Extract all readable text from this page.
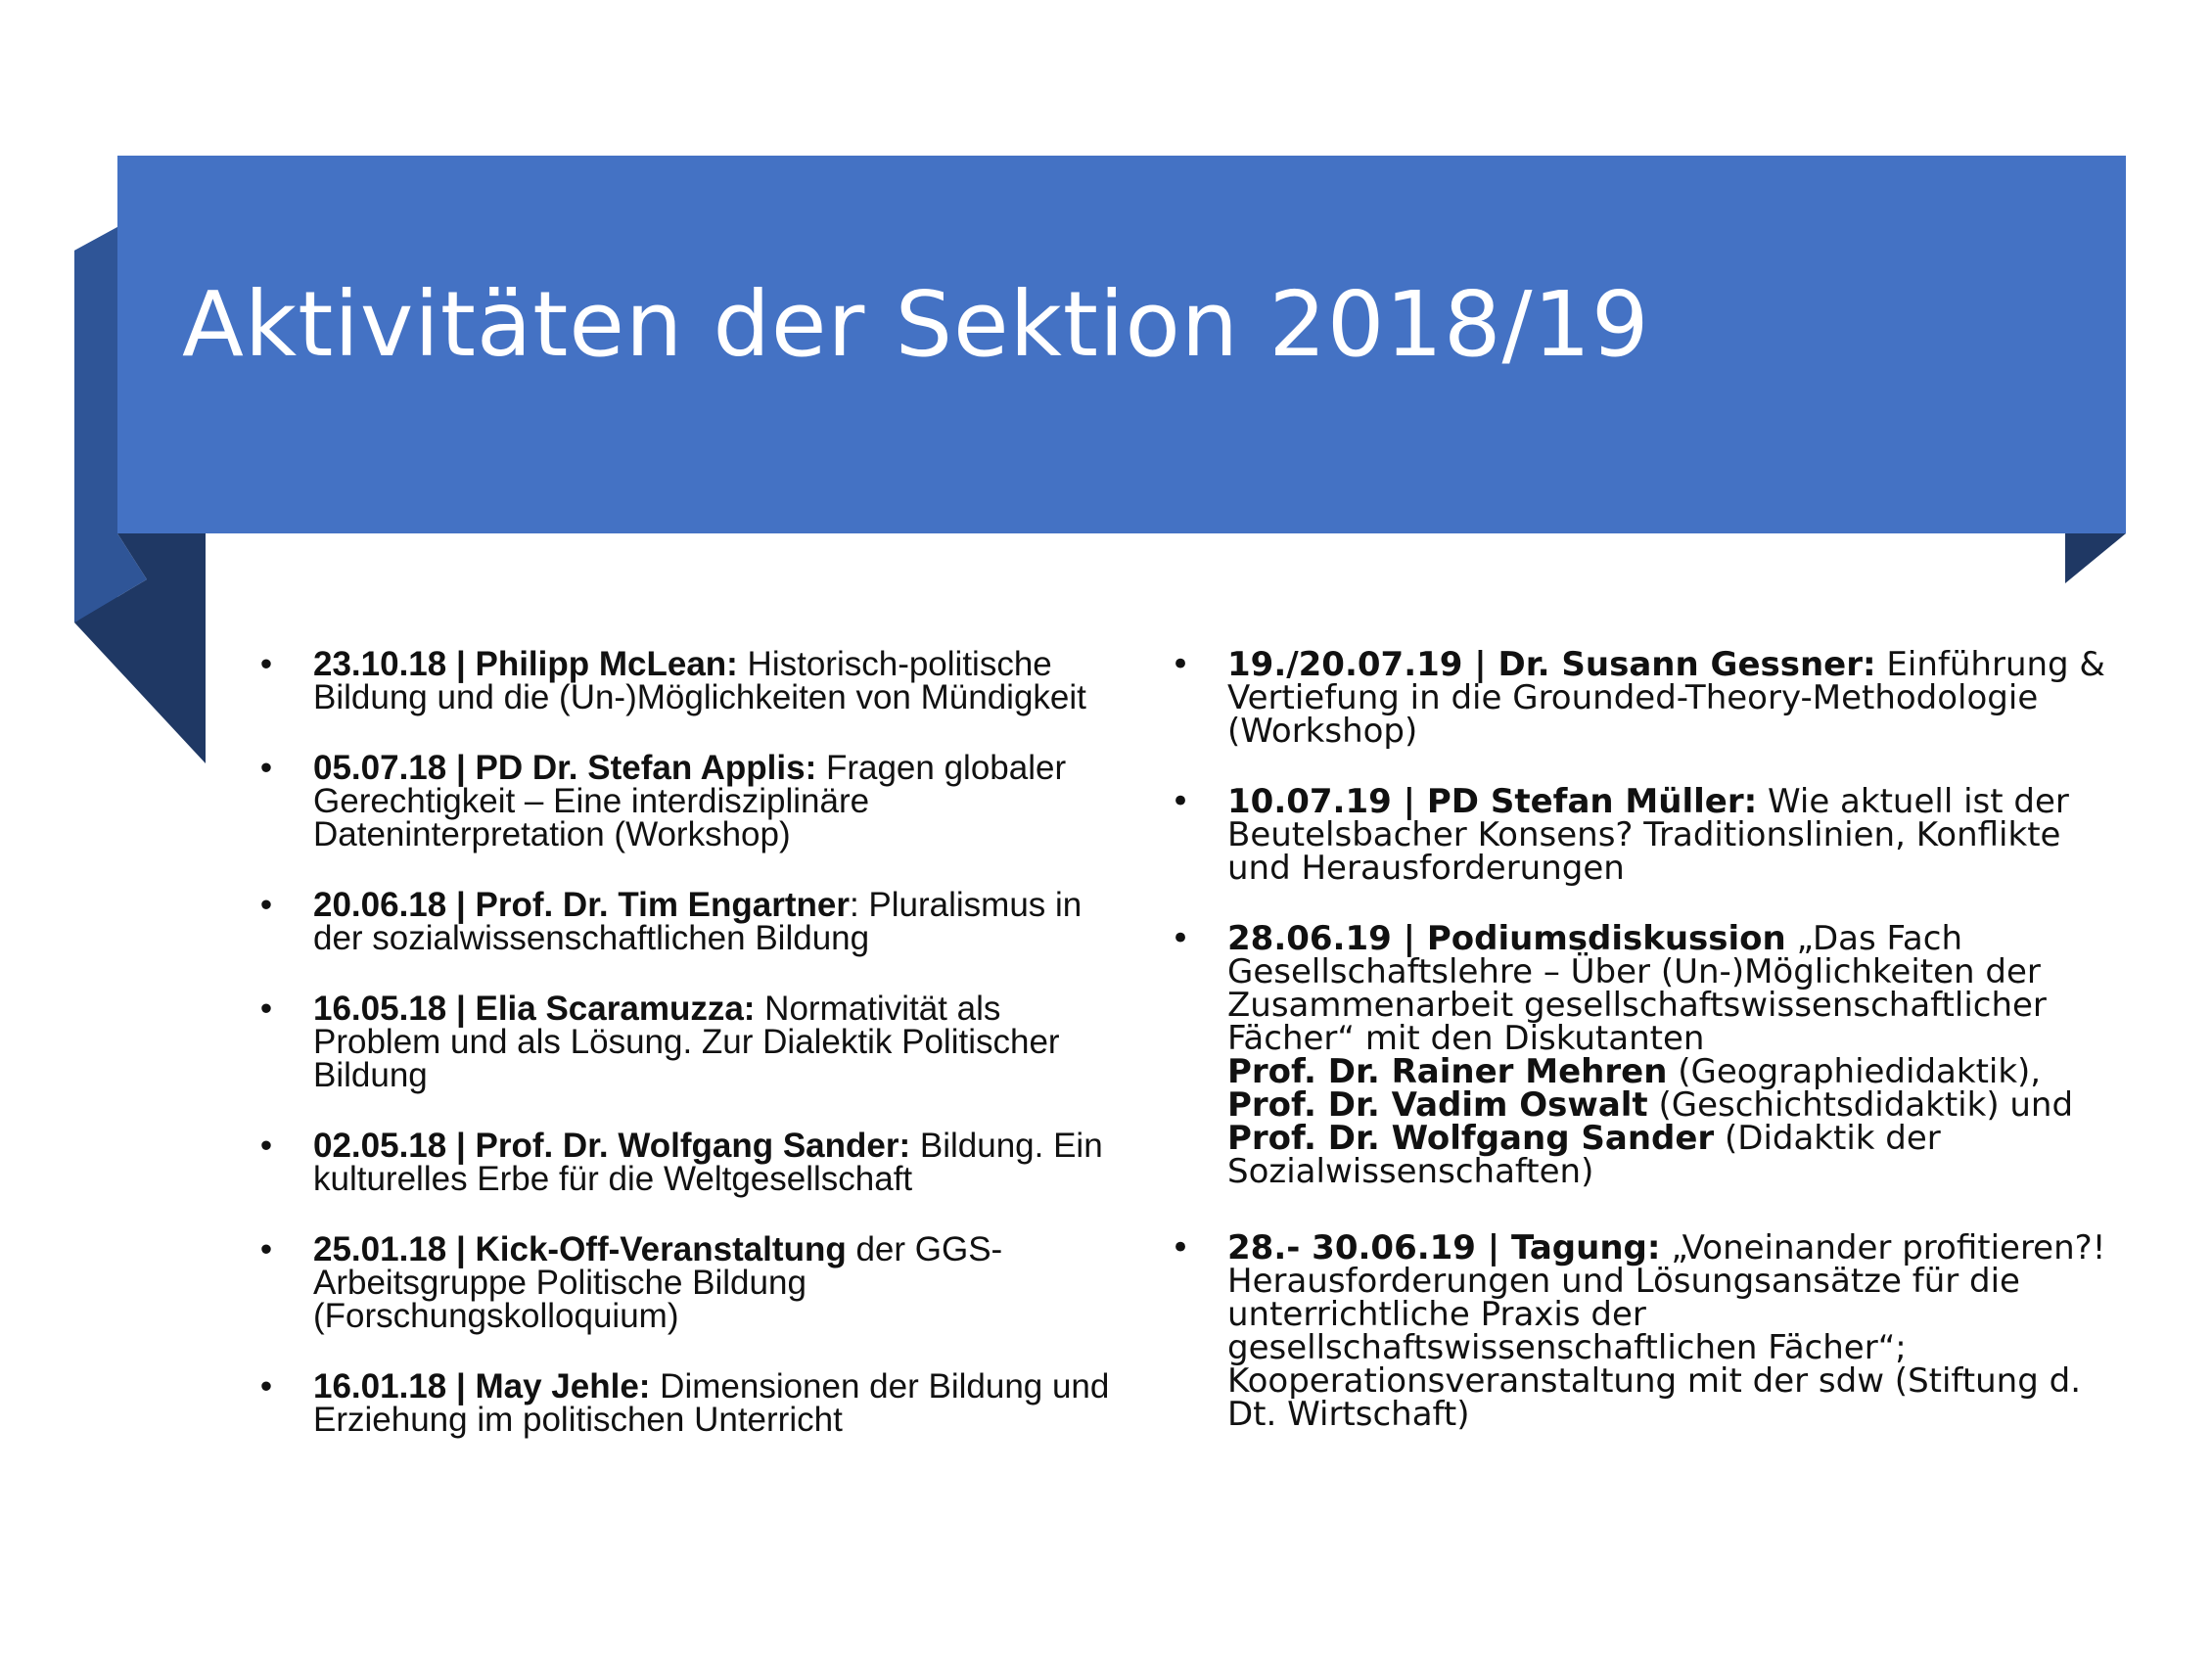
Aktivitäten der Sektion 2018/19
• 23.10.18 | Philipp McLean: Historisch-politische Bildung und die (Un-)Möglichkeiten von Mündigkeit
• 05.07.18 | PD Dr. Stefan Applis: Fragen globaler Gerechtigkeit – Eine interdisziplinäre Dateninterpretation (Workshop)
• 20.06.18 | Prof. Dr. Tim Engartner: Pluralismus in der sozialwissenschaftlichen Bildung
• 16.05.18 | Elia Scaramuzza: Normativität als Problem und als Lösung. Zur Dialektik Politischer Bildung
• 02.05.18 | Prof. Dr. Wolfgang Sander: Bildung. Ein kulturelles Erbe für die Weltgesellschaft
• 25.01.18 | Kick-Off-Veranstaltung der GGS-Arbeitsgruppe Politische Bildung (Forschungskolloquium)
• 16.01.18 | May Jehle: Dimensionen der Bildung und Erziehung im politischen Unterricht
• 19./20.07.19 | Dr. Susann Gessner: Einführung & Vertiefung in die Grounded-Theory-Methodologie (Workshop)
• 10.07.19 | PD Stefan Müller: Wie aktuell ist der Beutelsbacher Konsens? Traditionslinien, Konflikte und Herausforderungen
• 28.06.19 | Podiumsdiskussion „Das Fach Gesellschaftslehre – Über (Un-)Möglichkeiten der Zusammenarbeit gesellschaftswissenschaftlicher Fächer“ mit den Diskutanten
Prof. Dr. Rainer Mehren (Geographiedidaktik),
Prof. Dr. Vadim Oswalt (Geschichtsdidaktik) und
Prof. Dr. Wolfgang Sander (Didaktik der Sozialwissenschaften)
• 28.- 30.06.19 | Tagung: „Voneinander profitieren?! Herausforderungen und Lösungsansätze für die unterrichtliche Praxis der gesellschaftswissenschaftlichen Fächer“; Kooperationsveranstaltung mit der sdw (Stiftung d. Dt. Wirtschaft)
